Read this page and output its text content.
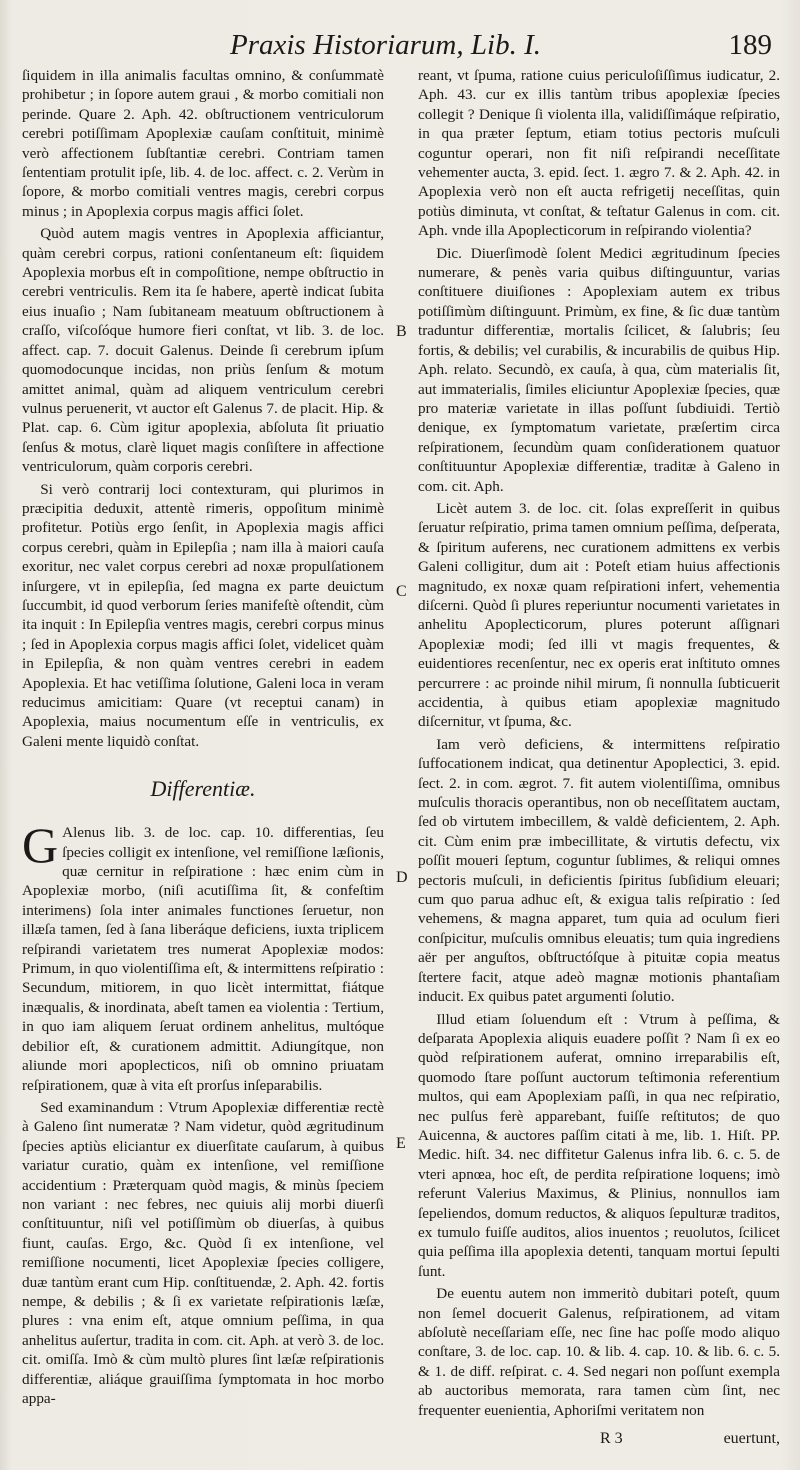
Praxis Historiarum, Lib. I.	189

ſiquidem in illa animalis facultas omnino, & conſummatè prohibetur ; in ſopore autem graui , & morbo comitiali non perinde. Quare 2. Aph. 42. obſtructionem ventriculorum cerebri potiſſimam Apoplexiæ cauſam conſtituit, minimè verò affectionem ſubſtantiæ cerebri. Contriam tamen ſententiam protulit ipſe, lib. 4. de loc. affect. c. 2. Verùm in ſopore, & morbo comitiali ventres magis, cerebri corpus minus ; in Apoplexia corpus magis affici ſolet.

Quòd autem magis ventres in Apoplexia afficiantur, quàm cerebri corpus, rationi conſentaneum eſt: ſiquidem Apoplexia morbus eſt in compoſitione, nempe obſtructio in cerebri ventriculis. Rem ita ſe habere, apertè indicat ſubita eius inuaſio ; Nam ſubitaneam meatuum obſtructionem à craſſo, viſcoſóque humore fieri conſtat, vt lib. 3. de loc. affect. cap. 7. docuit Galenus. Deinde ſi cerebrum ipſum quomodocunque incidas, non priùs ſenſum & motum amittet animal, quàm ad aliquem ventriculum cerebri vulnus peruenerit, vt auctor eſt Galenus 7. de placit. Hip. & Plat. cap. 6. Cùm igitur apoplexia, abſoluta ſit priuatio ſenſus & motus, clarè liquet magis conſiſtere in affectione ventriculorum, quàm corporis cerebri.

Si verò contrarij loci contexturam, qui plurimos in præcipitia deduxit, attentè rimeris, oppoſitum minimè profitetur. Potiùs ergo ſenſit, in Apoplexia magis affici corpus cerebri, quàm in Epilepſia ; nam illa à maiori cauſa exoritur, nec valet corpus cerebri ad noxæ propulſationem inſurgere, vt in epilepſia, ſed magna ex parte deuictum ſuccumbit, id quod verborum ſeries manifeſtè oſtendit, cùm ita inquit : In Epilepſia ventres magis, cerebri corpus minus ; ſed in Apoplexia corpus magis affici ſolet, videlicet quàm in Epilepſia, & non quàm ventres cerebri in eadem Apoplexia. Et hac vetiſſima ſolutione, Galeni loca in veram reducimus amicitiam: Quare (vt receptui canam) in Apoplexia, maius nocumentum eſſe in ventriculis, ex Galeni mente liquidò conſtat.

Differentiæ.

G Alenus lib. 3. de loc. cap. 10. differentias, ſeu ſpecies colligit ex intenſione, vel remiſſione læſionis, quæ cernitur in reſpiratione : hæc enim cùm in Apoplexiæ morbo, (niſi acutiſſima ſit, & confeſtim interimens) ſola inter animales functiones ſeruetur, non illæſa tamen, ſed à ſana liberáque deficiens, iuxta triplicem reſpirandi varietatem tres numerat Apoplexiæ modos: Primum, in quo violentiſſima eſt, & intermittens reſpiratio : Secundum, mitiorem, in quo licèt intermittat, fiátque inæqualis, & inordinata, abeſt tamen ea violentia : Tertium, in quo iam aliquem ſeruat ordinem anhelitus, multóque debilior eſt, & curationem admittit. Adiungítque, non aliunde mori apoplecticos, niſi ob omnino priuatam reſpirationem, quæ à vita eſt prorſus inſeparabilis.

Sed examinandum : Vtrum Apoplexiæ differentiæ rectè à Galeno ſint numeratæ ? Nam videtur, quòd ægritudinum ſpecies aptiùs eliciantur ex diuerſitate cauſarum, à quibus variatur curatio, quàm ex intenſione, vel remiſſione accidentium : Præterquam quòd magis, & minùs ſpeciem non variant : nec febres, nec quiuis alij morbi diuerſi conſtituuntur, niſi vel potiſſimùm ob diuerſas, à quibus fiunt, cauſas. Ergo, &c. Quòd ſi ex intenſione, vel remiſſione nocumenti, licet Apoplexiæ ſpecies colligere, duæ tantùm erant cum Hip. conſtituendæ, 2. Aph. 42. fortis nempe, & debilis ; & ſi ex varietate reſpirationis læſæ, plures : vna enim eſt, atque omnium peſſima, in qua anhelitus auſertur, tradita in com. cit. Aph. at verò 3. de loc. cit. omiſſa. Imò & cùm multò plures ſint læſæ reſpirationis differentiæ, aliáque grauiſſima ſymptomata in hoc morbo appa-

B
C
D
E

reant, vt ſpuma, ratione cuius periculoſiſſimus iudicatur, 2. Aph. 43. cur ex illis tantùm tribus apoplexiæ ſpecies collegit ? Denique ſi violenta illa, validiſſimáque reſpiratio, in qua præter ſeptum, etiam totius pectoris muſculi coguntur operari, non fit niſi reſpirandi neceſſitate vehementer aucta, 3. epid. ſect. 1. ægro 7. & 2. Aph. 42. in Apoplexia verò non eſt aucta refrigetij neceſſitas, quin potiùs diminuta, vt conſtat, & teſtatur Galenus in com. cit. Aph. vnde illa Apoplecticorum in reſpirando violentia?

Dic. Diuerſimodè ſolent Medici ægritudinum ſpecies numerare, & penès varia quibus diſtinguuntur, varias conſtituere diuiſiones : Apoplexiam autem ex tribus potiſſimùm diſtinguunt. Primùm, ex fine, & ſic duæ tantùm traduntur differentiæ, mortalis ſcilicet, & ſalubris; ſeu fortis, & debilis; vel curabilis, & incurabilis de quibus Hip. Aph. relato. Secundò, ex cauſa, à qua, cùm materialis ſit, aut immaterialis, ſimiles eliciuntur Apoplexiæ ſpecies, quæ pro materiæ varietate in illas poſſunt ſubdiuidi. Tertiò denique, ex ſymptomatum varietate, præſertim circa reſpirationem, ſecundùm quam conſiderationem quatuor conſtituuntur Apoplexiæ differentiæ, traditæ à Galeno in com. cit. Aph.

Licèt autem 3. de loc. cit. ſolas expreſſerit in quibus ſeruatur reſpiratio, prima tamen omnium peſſima, deſperata, & ſpiritum auferens, nec curationem admittens ex verbis Galeni colligitur, dum ait : Poteſt etiam huius affectionis magnitudo, ex noxæ quam reſpirationi infert, vehementia diſcerni. Quòd ſi plures reperiuntur nocumenti varietates in anhelitu Apoplecticorum, plures poterunt aſſignari Apoplexiæ modi; ſed illi vt magis frequentes, & euidentiores recenſentur, nec ex operis erat inſtituto omnes percurrere : ac proinde nihil mirum, ſi nonnulla ſubticuerit accidentia, à quibus etiam apoplexiæ magnitudo diſcernitur, vt ſpuma, &c.

Iam verò deficiens, & intermittens reſpiratio ſuffocationem indicat, qua detinentur Apoplectici, 3. epid. ſect. 2. in com. ægrot. 7. fit autem violentiſſima, omnibus muſculis thoracis operantibus, non ob neceſſitatem auctam, ſed ob virtutem imbecillem, & valdè deficientem, 2. Aph. cit. Cùm enim præ imbecillitate, & virtutis defectu, vix poſſit moueri ſeptum, coguntur ſublimes, & reliqui omnes pectoris muſculi, in deficientis ſpiritus ſubſidium eleuari; cum quo parua adhuc eſt, & exigua talis reſpiratio : ſed vehemens, & magna apparet, tum quia ad oculum fieri conſpicitur, muſculis omnibus eleuatis; tum quia ingrediens aër per anguſtos, obſtructóſque à pituitæ copia meatus ſtertere facit, atque adeò magnæ motionis phantaſiam inducit. Ex quibus patet argumenti ſolutio.

Illud etiam ſoluendum eſt : Vtrum à peſſima, & deſparata Apoplexia aliquis euadere poſſit ? Nam ſi ex eo quòd reſpirationem auferat, omnino irreparabilis eſt, quomodo ſtare poſſunt auctorum teſtimonia referentium multos, qui eam Apoplexiam paſſi, in qua nec reſpiratio, nec pulſus ferè apparebant, fuiſſe reſtitutos; de quo Auicenna, & auctores paſſim citati à me, lib. 1. Hiſt. PP. Medic. hiſt. 34. nec diffitetur Galenus infra lib. 6. c. 5. de vteri apnœa, hoc eſt, de perdita reſpiratione loquens; imò referunt Valerius Maximus, & Plinius, nonnullos iam ſepeliendos, domum reductos, & aliquos ſepulturæ traditos, ex tumulo fuiſſe auditos, alios inuentos ; reuolutos, ſcilicet quia peſſima illa apoplexia detenti, tanquam mortui ſepulti ſunt.

De euentu autem non immeritò dubitari poteſt, quum non ſemel docuerit Galenus, reſpirationem, ad vitam abſolutè neceſſariam eſſe, nec ſine hac poſſe modo aliquo conſtare, 3. de loc. cap. 10. & lib. 4. cap. 10. & lib. 6. c. 5. & 1. de diff. reſpirat. c. 4. Sed negari non poſſunt exempla ab auctoribus memorata, rara tamen cùm ſint, nec frequenter euenientia, Aphoriſmi veritatem non

R 3	euertunt,
